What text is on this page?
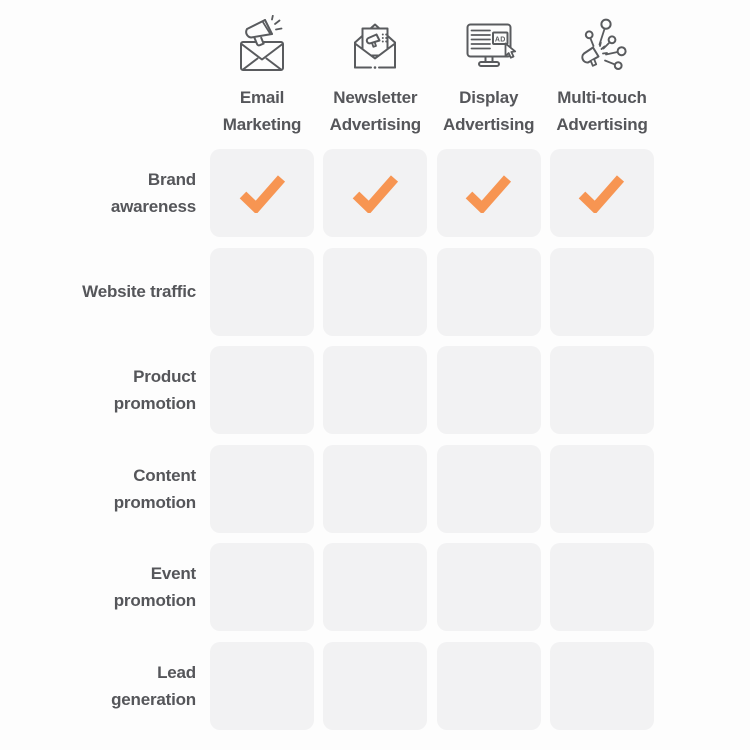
Email Marketing
Newsletter Advertising
AD
Display Advertising
Multi-touch Advertising
Brand awareness
Website traffic
Product promotion
Content promotion
Event promotion
Lead generation
